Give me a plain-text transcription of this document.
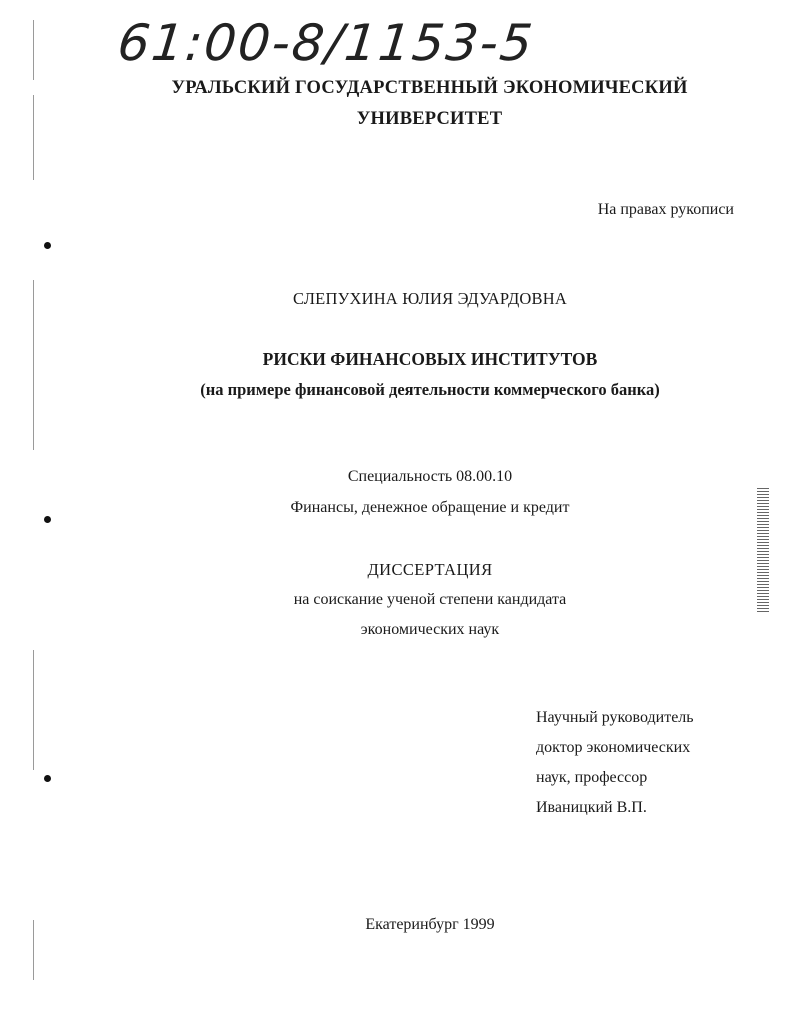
61:00-8/1153-5
УРАЛЬСКИЙ ГОСУДАРСТВЕННЫЙ ЭКОНОМИЧЕСКИЙ
УНИВЕРСИТЕТ
На правах рукописи
СЛЕПУХИНА ЮЛИЯ ЭДУАРДОВНА
РИСКИ ФИНАНСОВЫХ ИНСТИТУТОВ
(на примере финансовой деятельности коммерческого банка)
Специальность 08.00.10
Финансы, денежное обращение и кредит
ДИССЕРТАЦИЯ
на соискание ученой степени кандидата
экономических наук
Научный руководитель
доктор экономических
наук, профессор
Иваницкий В.П.
Екатеринбург 1999
